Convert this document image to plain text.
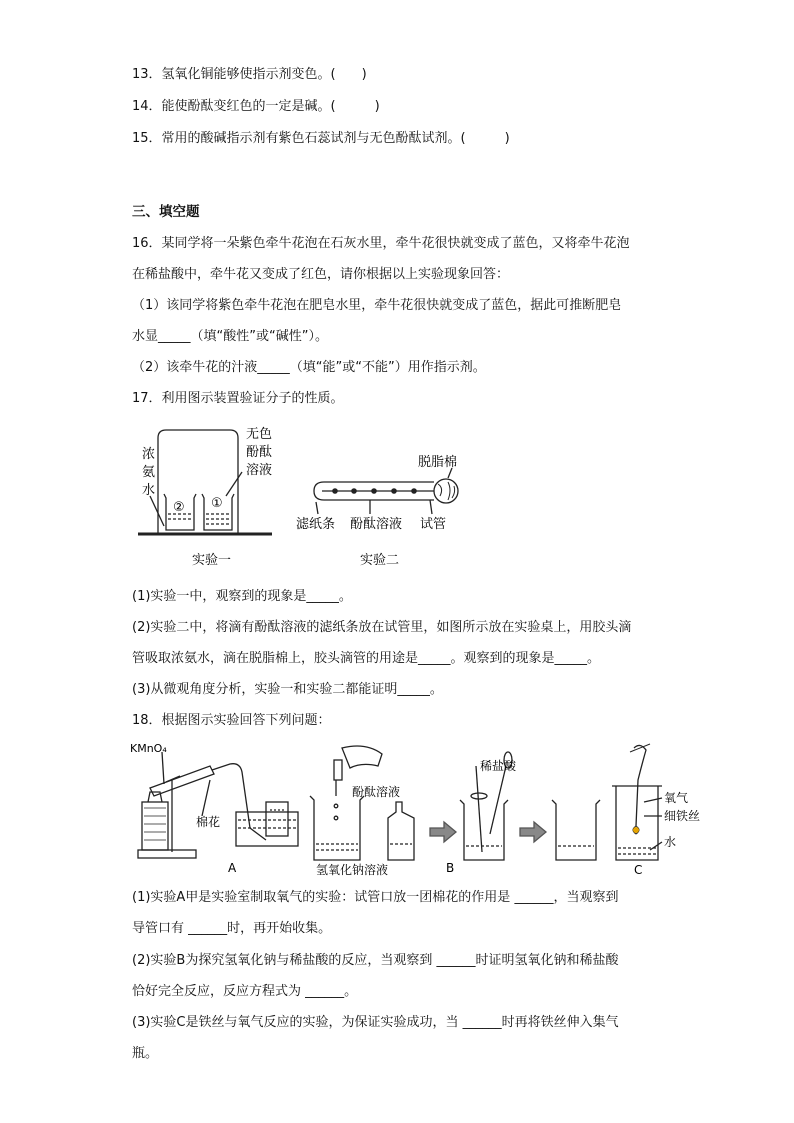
13．氢氧化铜能够使指示剂变色。(　　)
14．能使酚酞变红色的一定是碱。(　　　)
15．常用的酸碱指示剂有紫色石蕊试剂与无色酚酞试剂。(　　　)
三、填空题
16．某同学将一朵紫色牵牛花泡在石灰水里，牵牛花很快就变成了蓝色，又将牵牛花泡
在稀盐酸中，牵牛花又变成了红色，请你根据以上实验现象回答：
（1）该同学将紫色牵牛花泡在肥皂水里，牵牛花很快就变成了蓝色，据此可推断肥皂
水显_____（填“酸性”或“碱性”）。
（2）该牵牛花的汁液_____（填“能”或“不能”）用作指示剂。
17．利用图示装置验证分子的性质。
浓
氨
水
无色
酚酞
溶液
② ①
实验一
脱脂棉
滤纸条 酚酞溶液 试管
实验二
(1)实验一中，观察到的现象是_____。
(2)实验二中，将滴有酚酞溶液的滤纸条放在试管里，如图所示放在实验桌上，用胶头滴
管吸取浓氨水，滴在脱脂棉上，胶头滴管的用途是_____。观察到的现象是_____。
(3)从微观角度分析，实验一和实验二都能证明_____。
18．根据图示实验回答下列问题：
KMnO₄
棉花
A
酚酞溶液
氢氧化钠溶液	B
稀盐酸
氧气
细铁丝
水
C
(1)实验A甲是实验室制取氧气的实验：试管口放一团棉花的作用是 ______，当观察到
导管口有 ______时，再开始收集。
(2)实验B为探究氢氧化钠与稀盐酸的反应，当观察到 ______时证明氢氧化钠和稀盐酸
恰好完全反应，反应方程式为 ______。
(3)实验C是铁丝与氧气反应的实验，为保证实验成功，当 ______时再将铁丝伸入集气
瓶。
